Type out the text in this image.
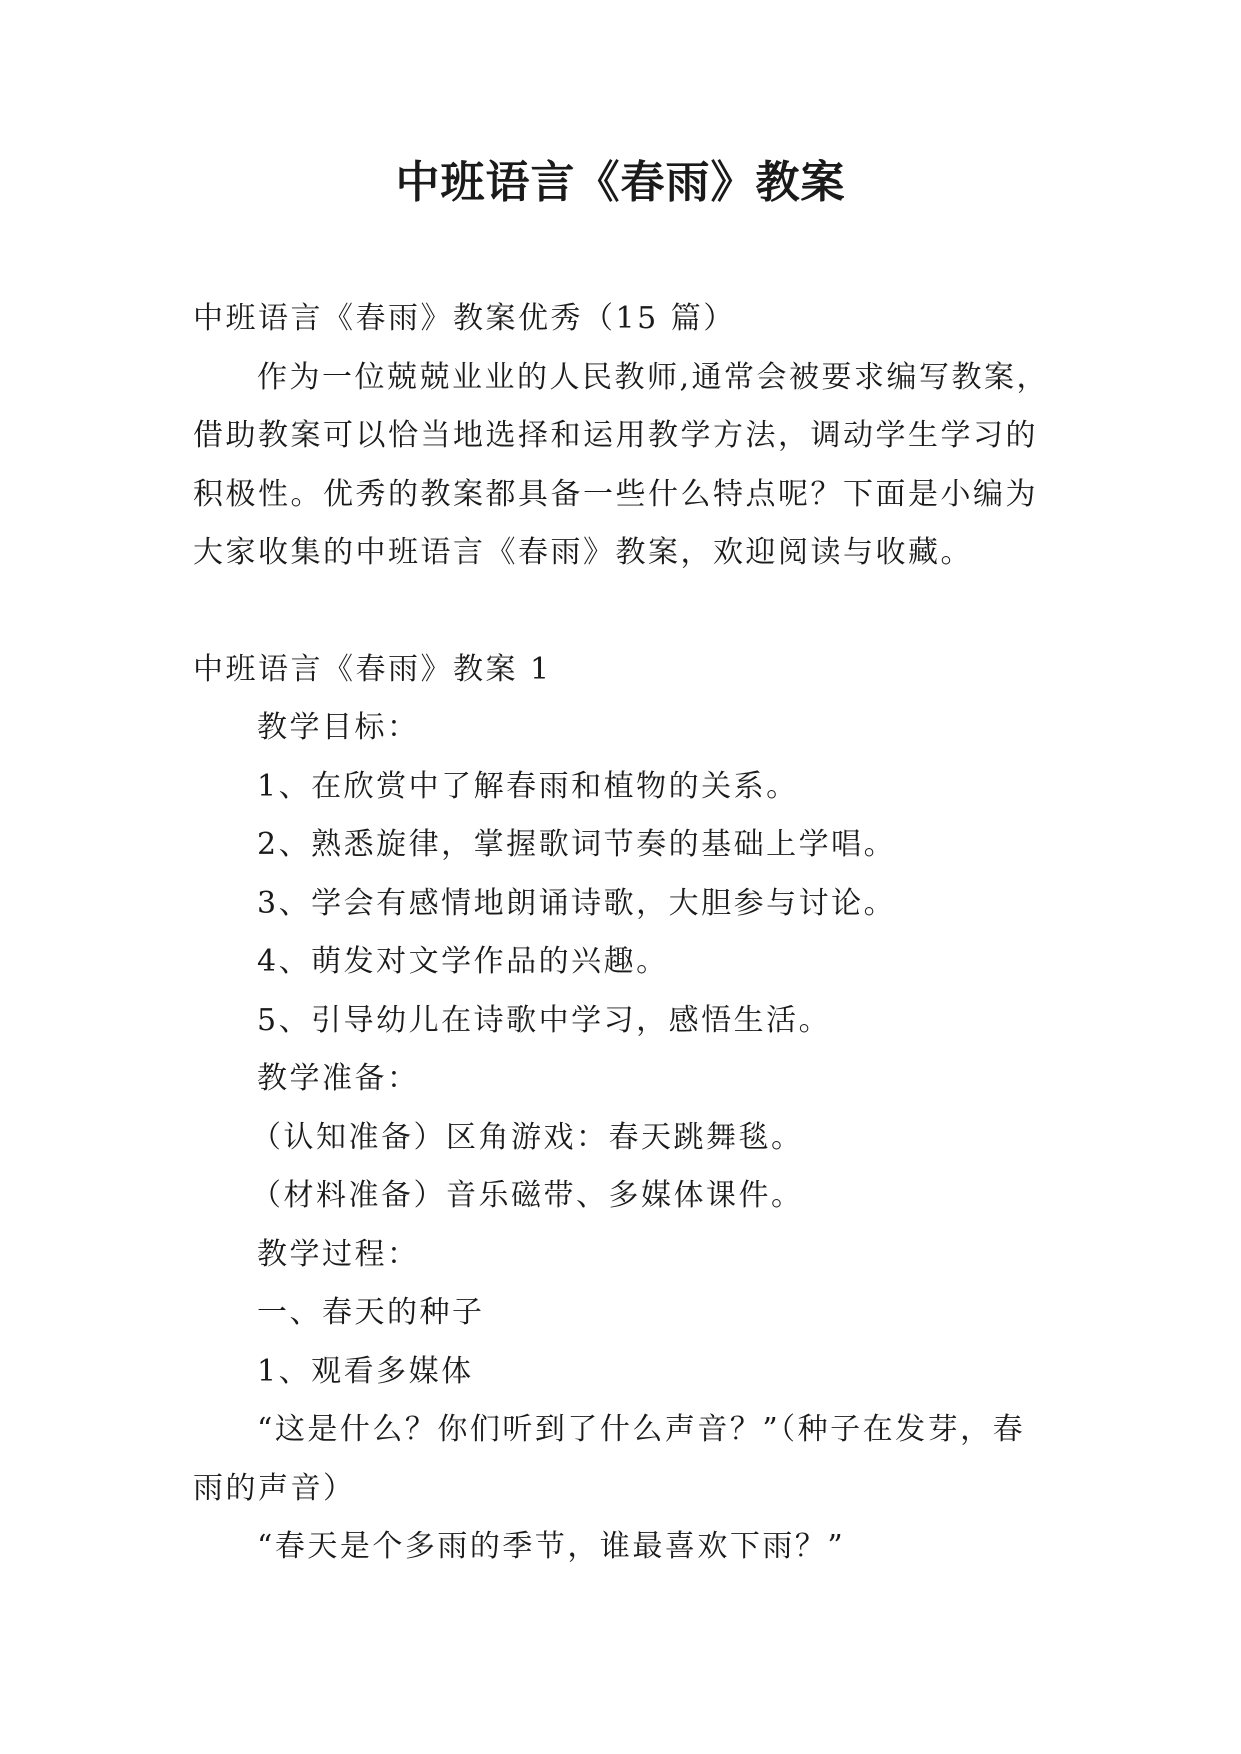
中班语言《春雨》教案

中班语言《春雨》教案优秀（15 篇）

作为一位兢兢业业的人民教师,通常会被要求编写教案，借助教案可以恰当地选择和运用教学方法，调动学生学习的积极性。优秀的教案都具备一些什么特点呢？下面是小编为大家收集的中班语言《春雨》教案，欢迎阅读与收藏。

中班语言《春雨》教案 1

教学目标：

1、在欣赏中了解春雨和植物的关系。

2、熟悉旋律，掌握歌词节奏的基础上学唱。

3、学会有感情地朗诵诗歌，大胆参与讨论。

4、萌发对文学作品的兴趣。

5、引导幼儿在诗歌中学习，感悟生活。

教学准备：

（认知准备）区角游戏：春天跳舞毯。

（材料准备）音乐磁带、多媒体课件。

教学过程：

一、春天的种子

1、观看多媒体

“这是什么？你们听到了什么声音？”（种子在发芽，春雨的声音）

“春天是个多雨的季节，谁最喜欢下雨？”
